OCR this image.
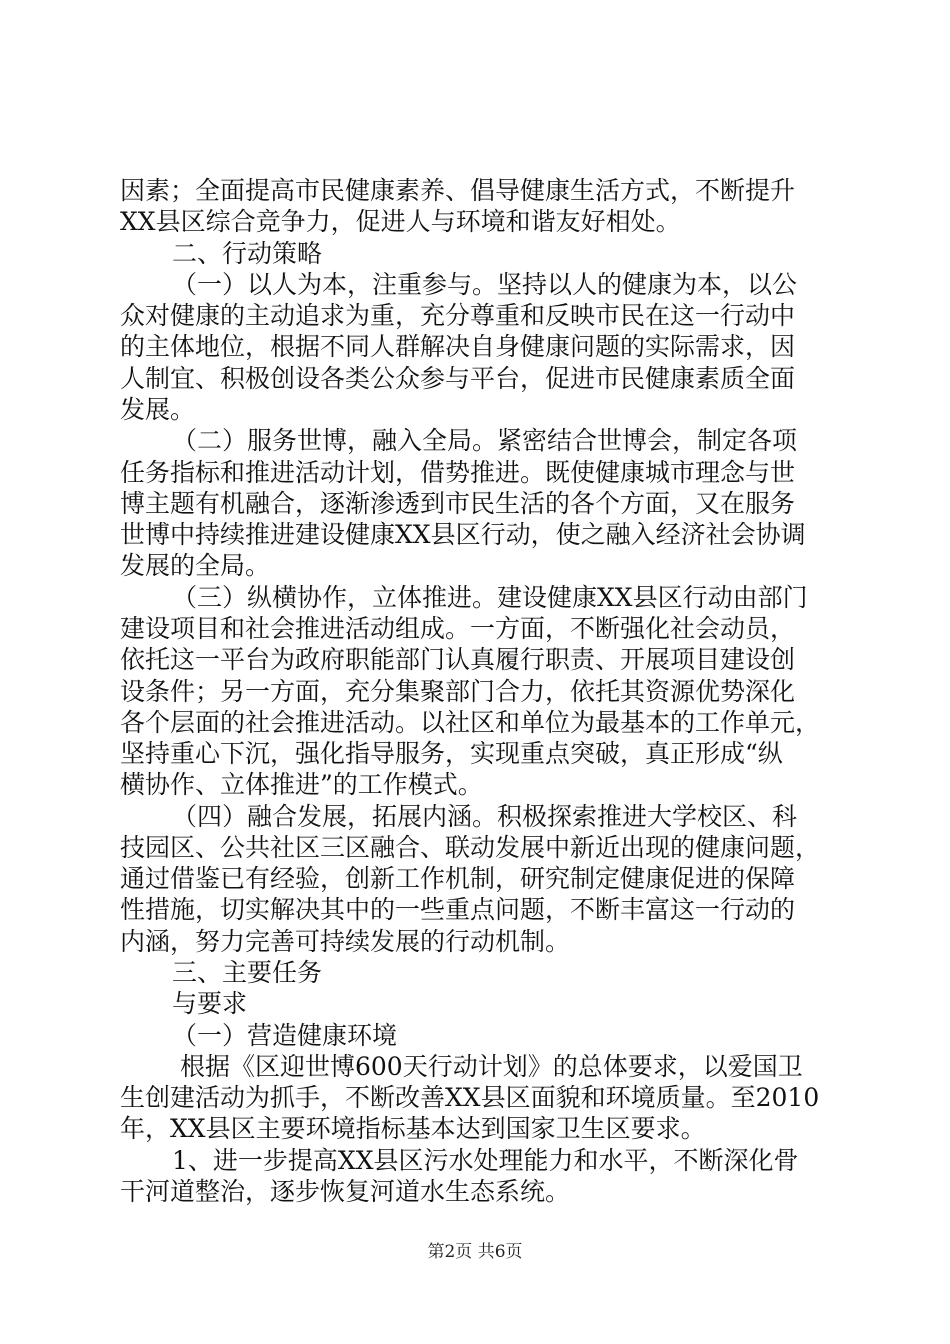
因素；全面提高市民健康素养、倡导健康生活方式，不断提升
XX县区综合竞争力，促进人与环境和谐友好相处。
二、行动策略
（一）以人为本，注重参与。坚持以人的健康为本，以公
众对健康的主动追求为重，充分尊重和反映市民在这一行动中
的主体地位，根据不同人群解决自身健康问题的实际需求，因
人制宜、积极创设各类公众参与平台，促进市民健康素质全面
发展。
（二）服务世博，融入全局。紧密结合世博会，制定各项
任务指标和推进活动计划，借势推进。既使健康城市理念与世
博主题有机融合，逐渐渗透到市民生活的各个方面，又在服务
世博中持续推进建设健康XX县区行动，使之融入经济社会协调
发展的全局。
（三）纵横协作，立体推进。建设健康XX县区行动由部门
建设项目和社会推进活动组成。一方面，不断强化社会动员，
依托这一平台为政府职能部门认真履行职责、开展项目建设创
设条件；另一方面，充分集聚部门合力，依托其资源优势深化
各个层面的社会推进活动。以社区和单位为最基本的工作单元，
坚持重心下沉，强化指导服务，实现重点突破，真正形成“纵
横协作、立体推进”的工作模式。
（四）融合发展，拓展内涵。积极探索推进大学校区、科
技园区、公共社区三区融合、联动发展中新近出现的健康问题，
通过借鉴已有经验，创新工作机制，研究制定健康促进的保障
性措施，切实解决其中的一些重点问题，不断丰富这一行动的
内涵，努力完善可持续发展的行动机制。
三、主要任务
与要求
（一）营造健康环境
根据《区迎世博600天行动计划》的总体要求，以爱国卫
生创建活动为抓手，不断改善XX县区面貌和环境质量。至2010
年，XX县区主要环境指标基本达到国家卫生区要求。
1、进一步提高XX县区污水处理能力和水平，不断深化骨
干河道整治，逐步恢复河道水生态系统。
第2页 共6页
